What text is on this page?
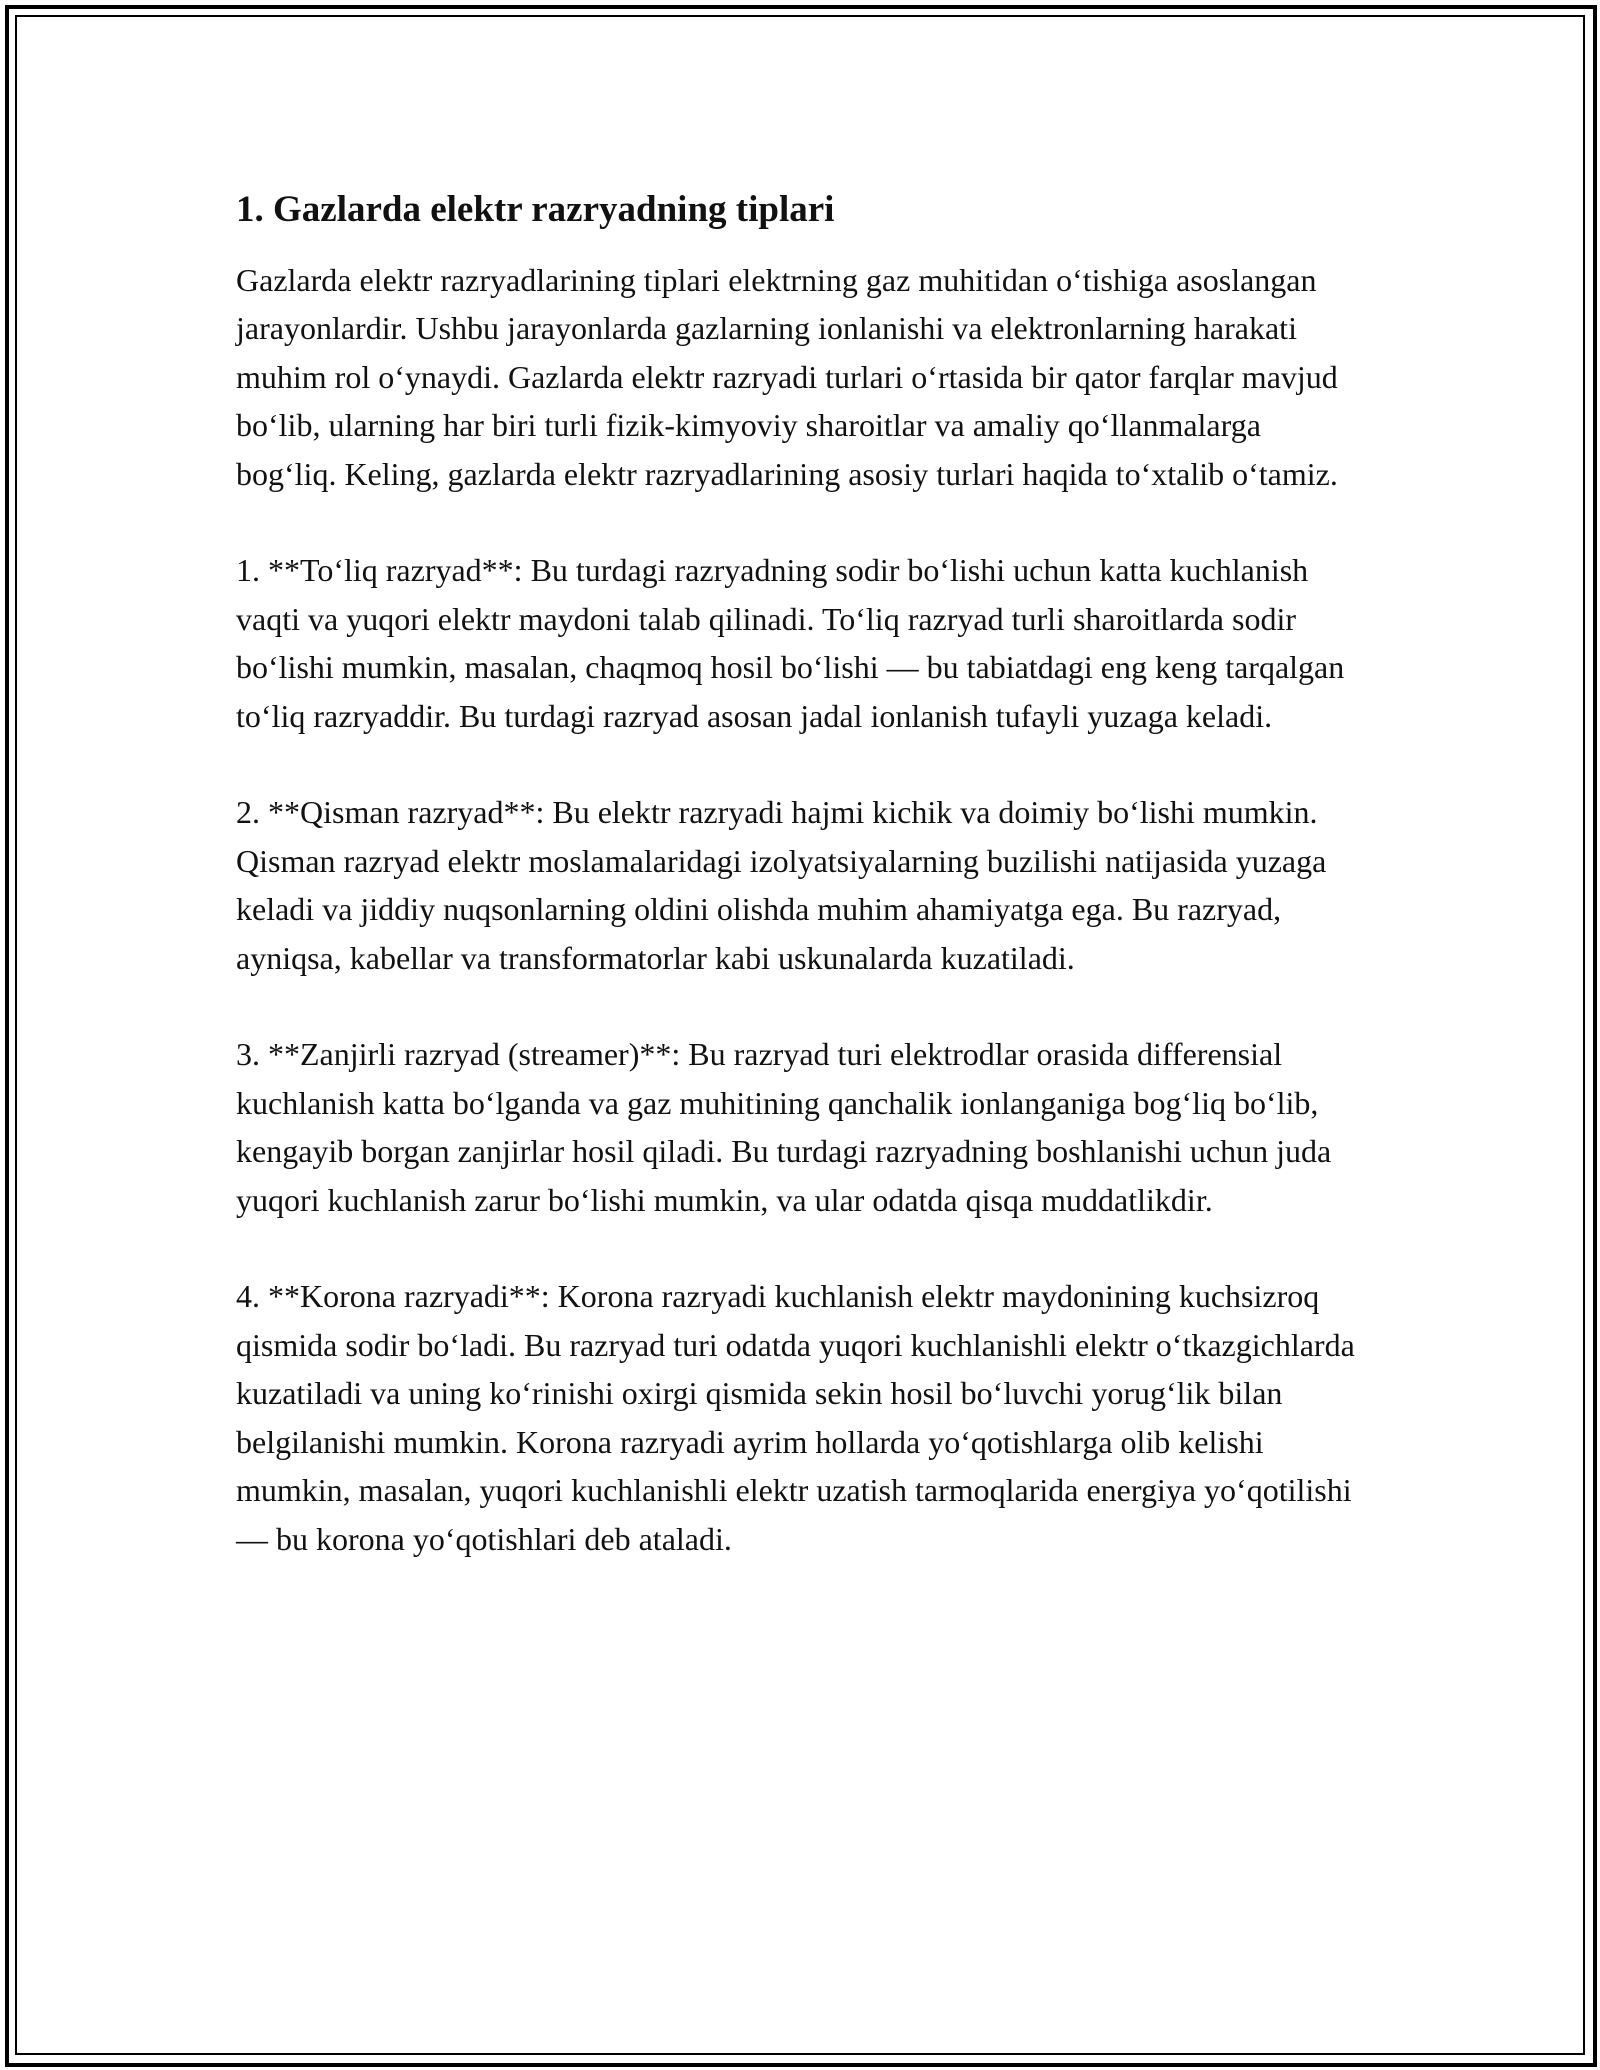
1. Gazlarda elektr razryadning tiplari

Gazlarda elektr razryadlarining tiplari elektrning gaz muhitidan o‘tishiga asoslangan jarayonlardir. Ushbu jarayonlarda gazlarning ionlanishi va elektronlarning harakati muhim rol o‘ynaydi. Gazlarda elektr razryadi turlari o‘rtasida bir qator farqlar mavjud bo‘lib, ularning har biri turli fizik-kimyoviy sharoitlar va amaliy qo‘llanmalarga bog‘liq. Keling, gazlarda elektr razryadlarining asosiy turlari haqida to‘xtalib o‘tamiz.

1. **To‘liq razryad**: Bu turdagi razryadning sodir bo‘lishi uchun katta kuchlanish vaqti va yuqori elektr maydoni talab qilinadi. To‘liq razryad turli sharoitlarda sodir bo‘lishi mumkin, masalan, chaqmoq hosil bo‘lishi — bu tabiatdagi eng keng tarqalgan to‘liq razryaddir. Bu turdagi razryad asosan jadal ionlanish tufayli yuzaga keladi.

2. **Qisman razryad**: Bu elektr razryadi hajmi kichik va doimiy bo‘lishi mumkin. Qisman razryad elektr moslamalaridagi izolyatsiyalarning buzilishi natijasida yuzaga keladi va jiddiy nuqsonlarning oldini olishda muhim ahamiyatga ega. Bu razryad, ayniqsa, kabellar va transformatorlar kabi uskunalarda kuzatiladi.

3. **Zanjirli razryad (streamer)**: Bu razryad turi elektrodlar orasida differensial kuchlanish katta bo‘lganda va gaz muhitining qanchalik ionlanganiga bog‘liq bo‘lib, kengayib borgan zanjirlar hosil qiladi. Bu turdagi razryadning boshlanishi uchun juda yuqori kuchlanish zarur bo‘lishi mumkin, va ular odatda qisqa muddatlikdir.

4. **Korona razryadi**: Korona razryadi kuchlanish elektr maydonining kuchsizroq qismida sodir bo‘ladi. Bu razryad turi odatda yuqori kuchlanishli elektr o‘tkazgichlarda kuzatiladi va uning ko‘rinishi oxirgi qismida sekin hosil bo‘luvchi yorug‘lik bilan belgilanishi mumkin. Korona razryadi ayrim hollarda yo‘qotishlarga olib kelishi mumkin, masalan, yuqori kuchlanishli elektr uzatish tarmoqlarida energiya yo‘qotilishi — bu korona yo‘qotishlari deb ataladi.
